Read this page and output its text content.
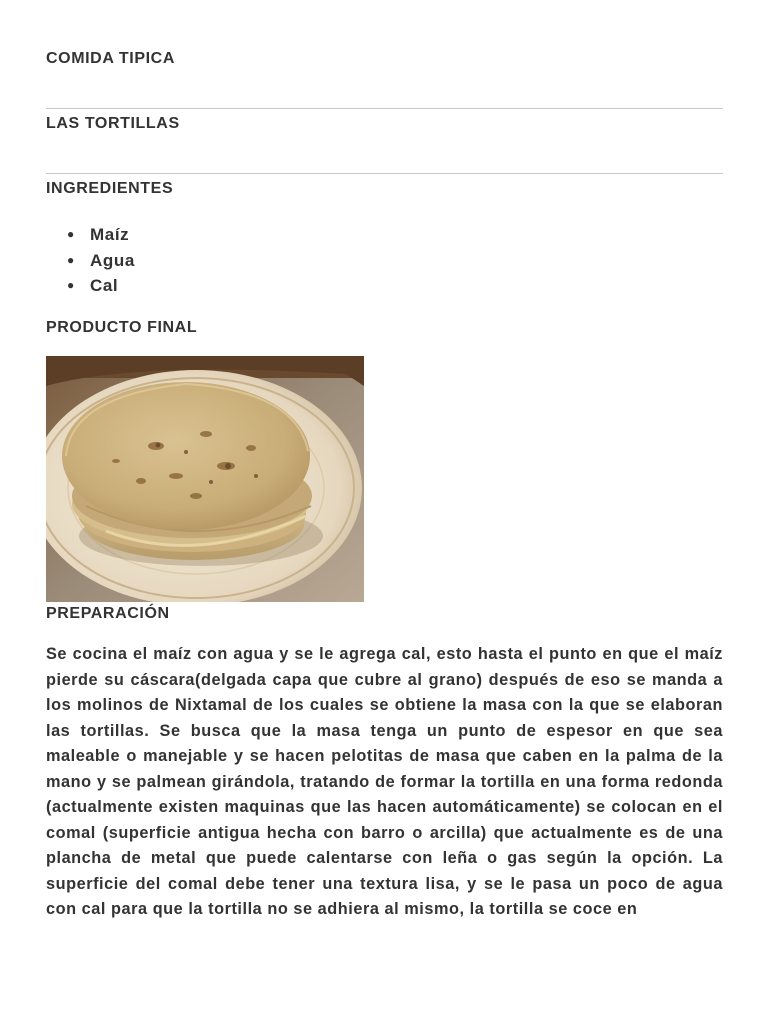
COMIDA TIPICA
LAS TORTILLAS
INGREDIENTES
● Maíz
● Agua
● Cal
PRODUCTO FINAL
PREPARACIÓN

Se cocina el maíz con agua y se le agrega cal, esto hasta el punto en que el maíz pierde su cáscara(delgada capa que cubre al grano) después de eso se manda a los molinos de Nixtamal de los cuales se obtiene la masa con la que se elaboran las tortillas. Se busca que la masa tenga un punto de espesor en que sea maleable o manejable y se hacen pelotitas de masa que caben en la palma de la mano y se palmean girándola, tratando de formar la tortilla en una forma redonda (actualmente existen maquinas que las hacen automáticamente) se colocan en el comal (superficie antigua hecha con barro o arcilla) que actualmente es de una plancha de metal que puede calentarse con leña o gas según la opción. La superficie del comal debe tener una textura lisa, y se le pasa un poco de agua con cal para que la tortilla no se adhiera al mismo, la tortilla se coce en
